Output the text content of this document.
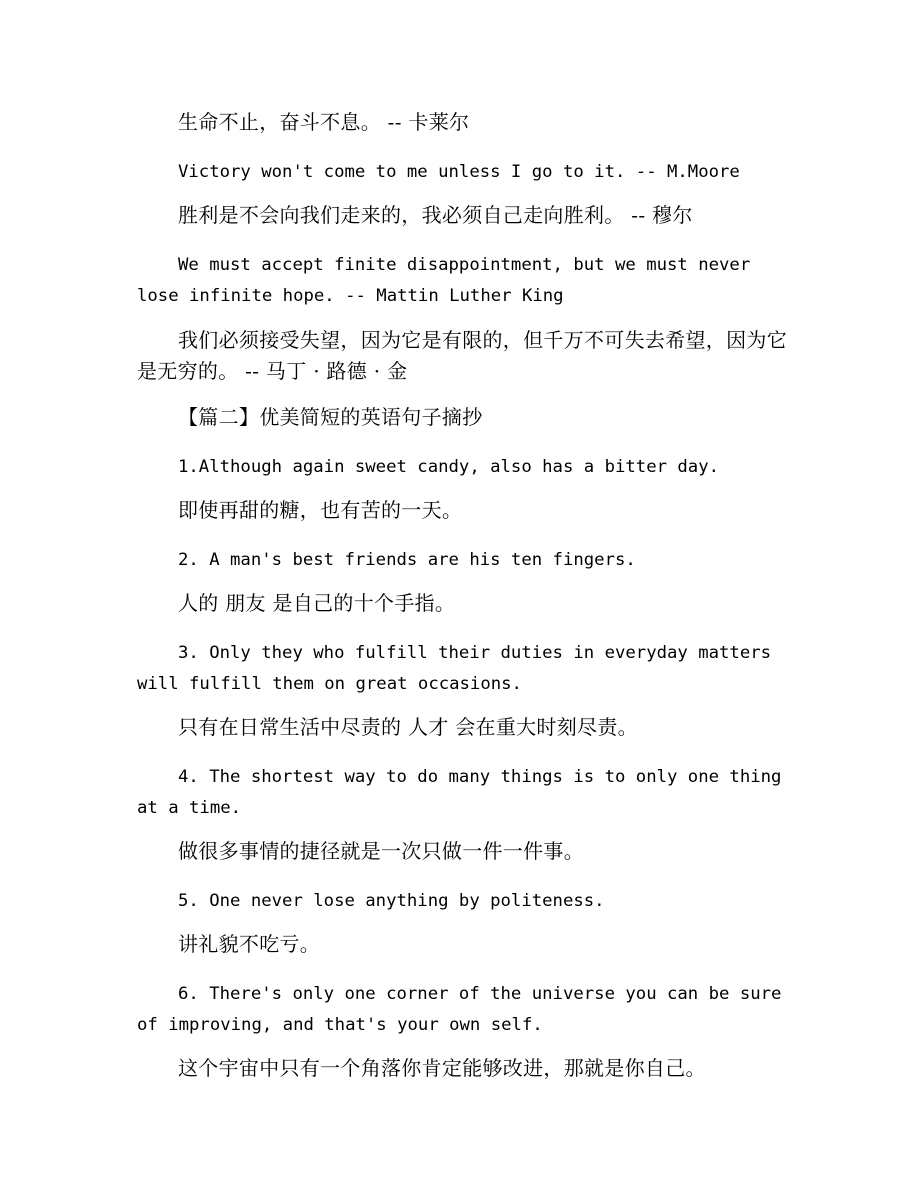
生命不止，奋斗不息。 -- 卡莱尔

Victory won't come to me unless I go to it. -- M.Moore

胜利是不会向我们走来的，我必须自己走向胜利。 -- 穆尔

We must accept finite disappointment, but we must never lose infinite hope. -- Mattin Luther King

我们必须接受失望，因为它是有限的，但千万不可失去希望，因为它是无穷的。 -- 马丁 · 路德 · 金

【篇二】优美简短的英语句子摘抄

1.Although again sweet candy, also has a bitter day.

即使再甜的糖，也有苦的一天。

2. A man's best friends are his ten fingers.

人的 朋友 是自己的十个手指。

3. Only they who fulfill their duties in everyday matters will fulfill them on great occasions.

只有在日常生活中尽责的 人才 会在重大时刻尽责。

4. The shortest way to do many things is to only one thing at a time.

做很多事情的捷径就是一次只做一件一件事。

5. One never lose anything by politeness.

讲礼貌不吃亏。

6. There's only one corner of the universe you can be sure of improving, and that's your own self.

这个宇宙中只有一个角落你肯定能够改进，那就是你自己。
